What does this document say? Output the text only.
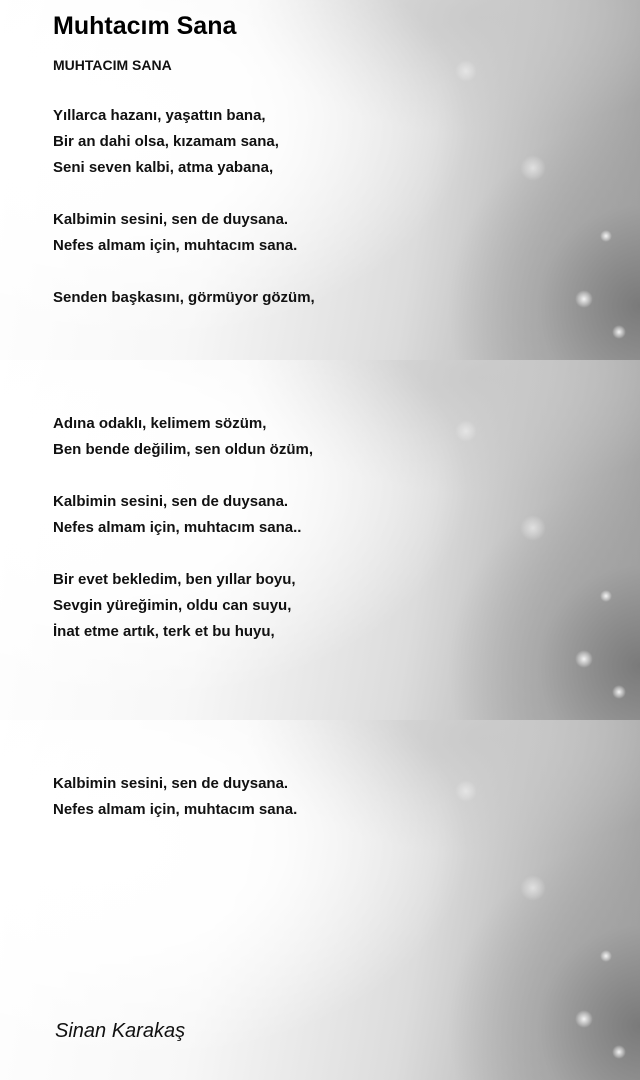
Muhtacım Sana
MUHTACIM SANA

Yıllarca hazanı, yaşattın bana,
Bir an dahi olsa, kızamam sana,
Seni seven kalbi, atma yabana,

Kalbimin sesini, sen de duysana.
Nefes almam için, muhtacım sana.

Senden başkasını, görmüyor gözüm,

Adına odaklı, kelimem sözüm,
Ben bende değilim, sen oldun özüm,

Kalbimin sesini, sen de duysana.
Nefes almam için, muhtacım sana..

Bir evet bekledim, ben yıllar boyu,
Sevgin yüreğimin, oldu can suyu,
İnat etme artık, terk et bu huyu,

Kalbimin sesini, sen de duysana.
Nefes almam için, muhtacım sana.

Sinan Karakaş
